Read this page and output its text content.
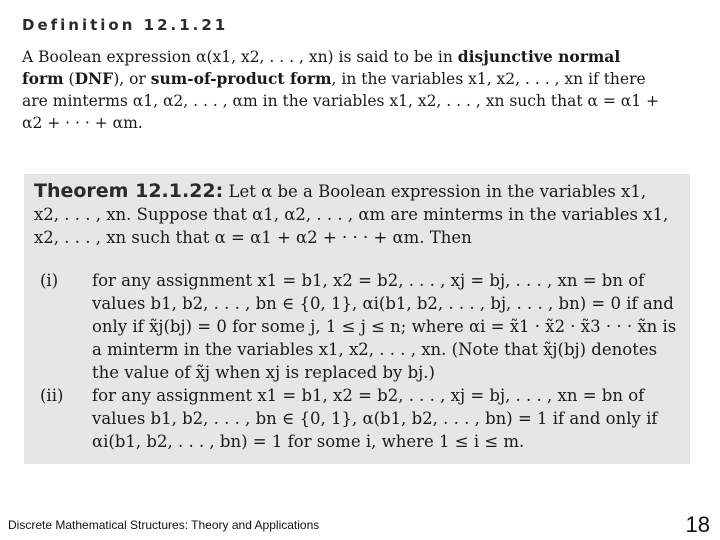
Definition 12.1.21
A Boolean expression α(x1, x2, . . . , xn) is said to be in disjunctive normal form (DNF), or sum-of-product form, in the variables x1, x2, . . . , xn if there are minterms α1, α2, . . . , αm in the variables x1, x2, . . . , xn such that α = α1 + α2 + · · · + αm.
Theorem 12.1.22: Let α be a Boolean expression in the variables x1, x2, . . . , xn. Suppose that α1, α2, . . . , αm are minterms in the variables x1, x2, . . . , xn such that α = α1 + α2 + · · · + αm. Then
(i)	for any assignment x1 = b1, x2 = b2, . . . , xj = bj, . . . , xn = bn of values b1, b2, . . . , bn ∈ {0, 1}, αi(b1, b2, . . . , bj, . . . , bn) = 0 if and only if x̃j(bj) = 0 for some j, 1 ≤ j ≤ n; where αi = x̃1 · x̃2 · x̃3 · · · x̃n is a minterm in the variables x1, x2, . . . , xn. (Note that x̃j(bj) denotes the value of x̃j when xj is replaced by bj.)
(ii)	for any assignment x1 = b1, x2 = b2, . . . , xj = bj, . . . , xn = bn of values b1, b2, . . . , bn ∈ {0, 1}, α(b1, b2, . . . , bn) = 1 if and only if αi(b1, b2, . . . , bn) = 1 for some i, where 1 ≤ i ≤ m.
Discrete Mathematical Structures: Theory and Applications	18
